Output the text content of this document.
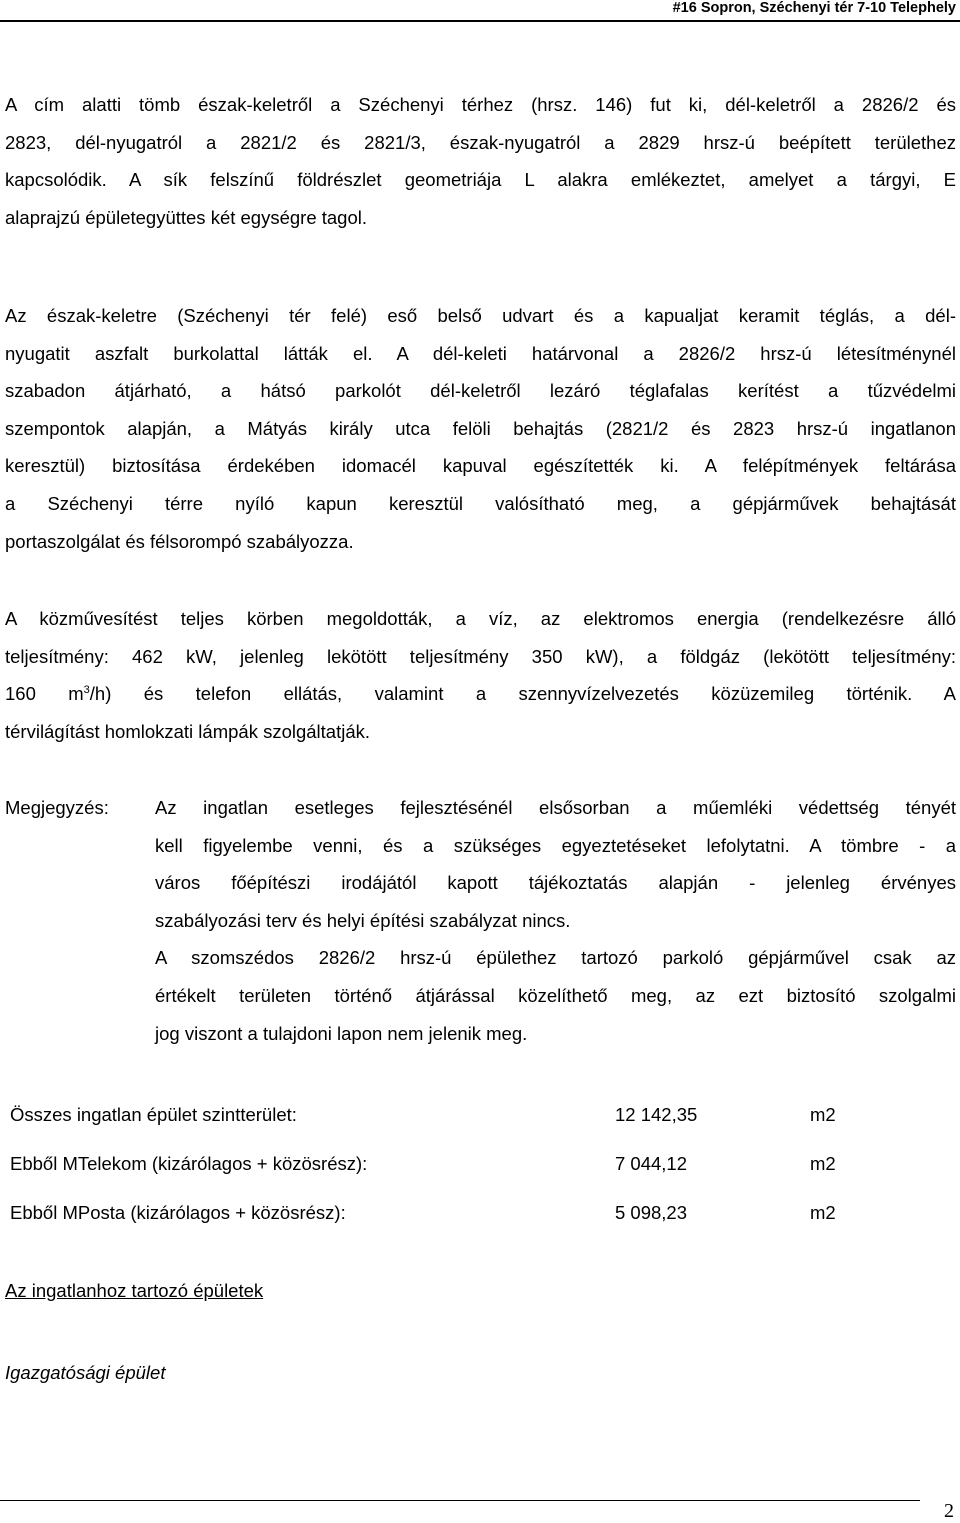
#16 Sopron, Széchenyi tér 7-10 Telephely
A cím alatti tömb észak-keletről a Széchenyi térhez (hrsz. 146) fut ki, dél-keletről a 2826/2 és
2823, dél-nyugatról a 2821/2 és 2821/3, észak-nyugatról a 2829 hrsz-ú beépített területhez
kapcsolódik. A sík felszínű földrészlet geometriája L alakra emlékeztet, amelyet a tárgyi, E
alaprajzú épületegyüttes két egységre tagol.
Az észak-keletre (Széchenyi tér felé) eső belső udvart és a kapualjat keramit téglás, a dél-
nyugatit aszfalt burkolattal látták el. A dél-keleti határvonal a 2826/2 hrsz-ú létesítménynél
szabadon átjárható, a hátsó parkolót dél-keletről lezáró téglafalas kerítést a tűzvédelmi
szempontok alapján, a Mátyás király utca felöli behajtás (2821/2 és 2823 hrsz-ú ingatlanon
keresztül) biztosítása érdekében idomacél kapuval egészítették ki. A felépítmények feltárása
a Széchenyi térre nyíló kapun keresztül valósítható meg, a gépjárművek behajtását
portaszolgálat és félsorompó szabályozza.
A közművesítést teljes körben megoldották, a víz, az elektromos energia (rendelkezésre álló
teljesítmény: 462 kW, jelenleg lekötött teljesítmény 350 kW), a földgáz (lekötött teljesítmény:
160 $m^3/h$) és telefon ellátás, valamint a szennyvízelvezetés közüzemileg történik. A
térvilágítást homlokzati lámpák szolgáltatják.
Megjegyzés: Az ingatlan esetleges fejlesztésénél elsősorban a műemléki védettség tényét
kell figyelembe venni, és a szükséges egyeztetéseket lefolytatni. A tömbre - a
város főépítészi irodájától kapott tájékoztatás alapján - jelenleg érvényes
szabályozási terv és helyi építési szabályzat nincs.
A szomszédos 2826/2 hrsz-ú épülethez tartozó parkoló gépjárművel csak az
értékelt területen történő átjárással közelíthető meg, az ezt biztosító szolgalmi
jog viszont a tulajdoni lapon nem jelenik meg.
Összes ingatlan épület szintterület:	12 142,35	m2
Ebből MTelekom (kizárólagos + közösrész):	7 044,12	m2
Ebből MPosta (kizárólagos + közösrész):	5 098,23	m2
Az ingatlanhoz tartozó épületek
Igazgatósági épület
2
